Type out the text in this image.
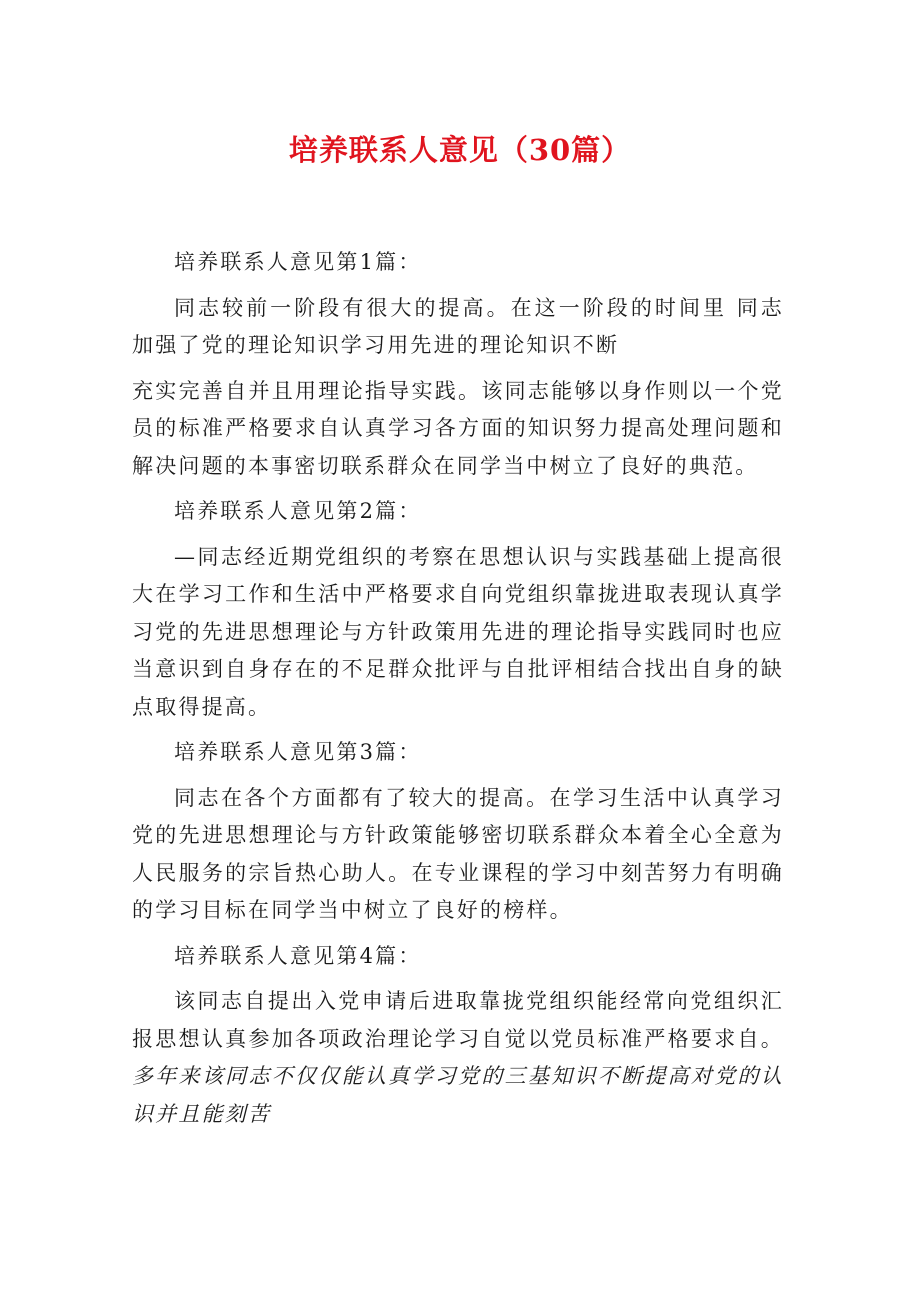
培养联系人意见（30篇）

培养联系人意见第1篇：

同志较前一阶段有很大的提高。在这一阶段的时间里 同志加强了党的理论知识学习用先进的理论知识不断

充实完善自并且用理论指导实践。该同志能够以身作则以一个党员的标准严格要求自认真学习各方面的知识努力提高处理问题和解决问题的本事密切联系群众在同学当中树立了良好的典范。

培养联系人意见第2篇：

—同志经近期党组织的考察在思想认识与实践基础上提高很大在学习工作和生活中严格要求自向党组织靠拢进取表现认真学习党的先进思想理论与方针政策用先进的理论指导实践同时也应当意识到自身存在的不足群众批评与自批评相结合找出自身的缺点取得提高。

培养联系人意见第3篇：

同志在各个方面都有了较大的提高。在学习生活中认真学习党的先进思想理论与方针政策能够密切联系群众本着全心全意为人民服务的宗旨热心助人。在专业课程的学习中刻苦努力有明确的学习目标在同学当中树立了良好的榜样。

培养联系人意见第4篇：

该同志自提出入党申请后进取靠拢党组织能经常向党组织汇报思想认真参加各项政治理论学习自觉以党员标准严格要求自。多年来该同志不仅仅能认真学习党的三基知识不断提高对党的认识并且能刻苦
